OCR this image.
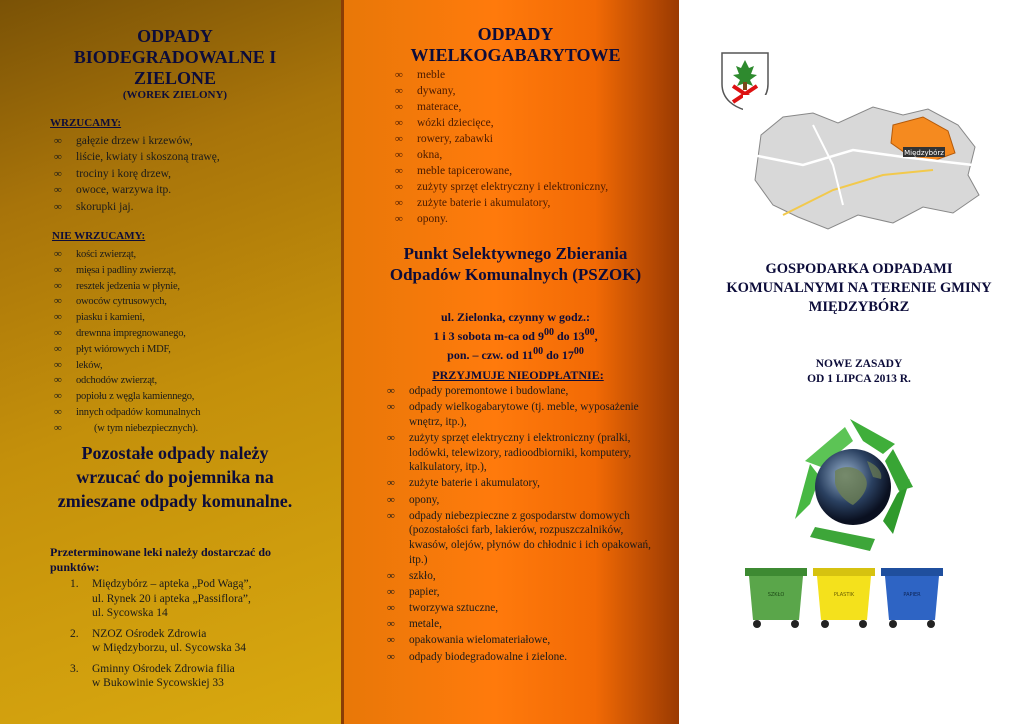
ODPADY BIODEGRADOWALNE I ZIELONE
(WOREK ZIELONY)
WRZUCAMY:
∞ gałęzie drzew i krzewów,
∞ liście, kwiaty i skoszoną trawę,
∞ trociny i korę drzew,
∞ owoce, warzywa itp.
∞ skorupki jaj.
NIE WRZUCAMY:
∞ kości zwierząt,
∞ mięsa i padliny zwierząt,
∞ resztek jedzenia w płynie,
∞ owoców cytrusowych,
∞ piasku i kamieni,
∞ drewnna impregnowanego,
∞ płyt wiórowych i MDF,
∞ leków,
∞ odchodów zwierząt,
∞ popiołu z węgla kamiennego,
∞ innych odpadów komunalnych
∞ (w tym niebezpiecznych).
Pozostałe odpady należy wrzucać do pojemnika na zmieszane odpady komunalne.
Przeterminowane leki należy dostarczać do punktów:
1. Międzybórz – apteka „Pod Wagą”,
ul. Rynek 20 i apteka „Passiflora”,
ul. Sycowska 14
2. NZOZ Ośrodek Zdrowia
w Międzyborzu, ul. Sycowska 34
3. Gminny Ośrodek Zdrowia filia
w Bukowinie Sycowskiej 33
ODPADY WIELKOGABARYTOWE
∞ meble
∞ dywany,
∞ materace,
∞ wózki dziecięce,
∞ rowery, zabawki
∞ okna,
∞ meble tapicerowane,
∞ zużyty sprzęt elektryczny i elektroniczny,
∞ zużyte baterie i akumulatory,
∞ opony.
Punkt Selektywnego Zbierania Odpadów Komunalnych (PSZOK)
ul. Zielonka, czynny w godz.:
1 i 3 sobota m-ca od $9^{00}$ do $13^{00}$,
pon. – czw. od $11^{00}$ do $17^{00}$
PRZYJMUJE NIEODPŁATNIE:
∞ odpady poremontowe i budowlane,
∞ odpady wielkogabarytowe (tj. meble, wyposażenie wnętrz, itp.),
∞ zużyty sprzęt elektryczny i elektroniczny (pralki, lodówki, telewizory, radioodbiorniki, komputery, kalkulatory, itp.),
∞ zużyte baterie i akumulatory,
∞ opony,
∞ odpady niebezpieczne z gospodarstw domowych (pozostałości farb, lakierów, rozpuszczalników, kwasów, olejów, płynów do chłodnic i ich opakowań, itp.)
∞ szkło,
∞ papier,
∞ tworzywa sztuczne,
∞ metale,
∞ opakowania wielomateriałowe,
∞ odpady biodegradowalne i zielone.
Międzybórz
GOSPODARKA ODPADAMI KOMUNALNYMI NA TERENIE GMINY MIĘDZYBÓRZ
NOWE ZASADY
OD 1 LIPCA 2013 R.
SZKŁO	PLASTIK	PAPIER
